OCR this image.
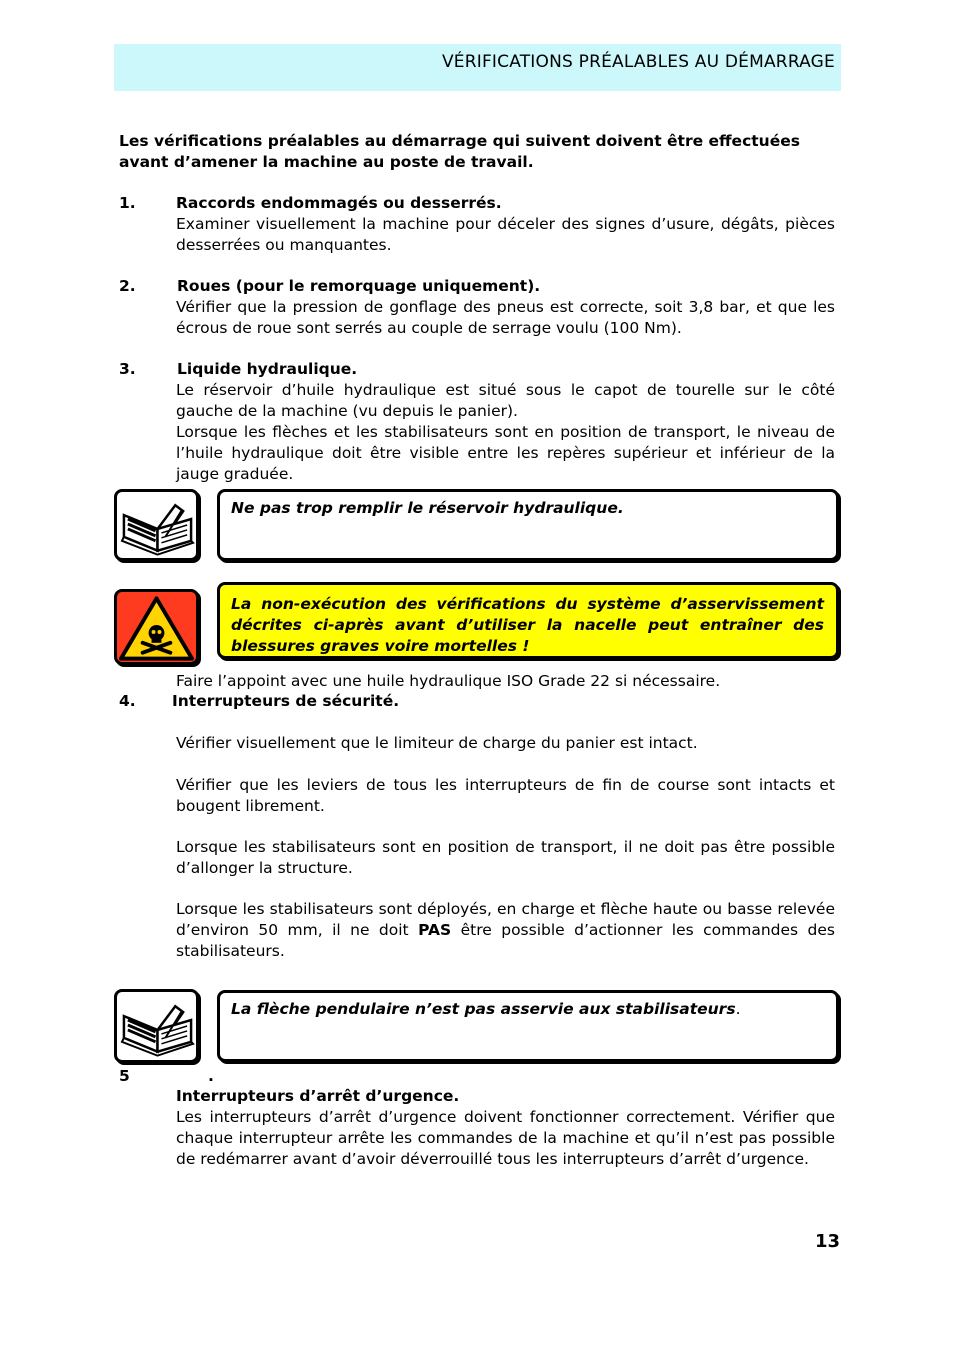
VÉRIFICATIONS PRÉALABLES AU DÉMARRAGE
Les vérifications préalables au démarrage qui suivent doivent être effectuées avant d’amener la machine au poste de travail.
1.	Raccords endommagés ou desserrés.
Examiner visuellement la machine pour déceler des signes d’usure, dégâts, pièces desserrées ou manquantes.
2.	Roues (pour le remorquage uniquement).
Vérifier que la pression de gonflage des pneus est correcte, soit 3,8 bar, et que les écrous de roue sont serrés au couple de serrage voulu (100 Nm).
3.	Liquide hydraulique.
Le réservoir d’huile hydraulique est situé sous le capot de tourelle sur le côté gauche de la machine (vu depuis le panier).
Lorsque les flèches et les stabilisateurs sont en position de transport, le niveau de l’huile hydraulique doit être visible entre les repères supérieur et inférieur de la jauge graduée.
Ne pas trop remplir le réservoir hydraulique.
La non-exécution des vérifications du système d’asservissement décrites ci-après avant d’utiliser la nacelle peut entraîner des blessures graves voire mortelles !
Faire l’appoint avec une huile hydraulique ISO Grade 22 si nécessaire.
4. Interrupteurs de sécurité.
Vérifier visuellement que le limiteur de charge du panier est intact.
Vérifier que les leviers de tous les interrupteurs de fin de course sont intacts et bougent librement.
Lorsque les stabilisateurs sont en position de transport, il ne doit pas être possible d’allonger la structure.
Lorsque les stabilisateurs sont déployés, en charge et flèche haute ou basse relevée d’environ 50 mm, il ne doit PAS être possible d’actionner les commandes des stabilisateurs.
La flèche pendulaire n’est pas asservie aux stabilisateurs.
5	.
Interrupteurs d’arrêt d’urgence.
Les interrupteurs d’arrêt d’urgence doivent fonctionner correctement. Vérifier que chaque interrupteur arrête les commandes de la machine et qu’il n’est pas possible de redémarrer avant d’avoir déverrouillé tous les interrupteurs d’arrêt d’urgence.
13
